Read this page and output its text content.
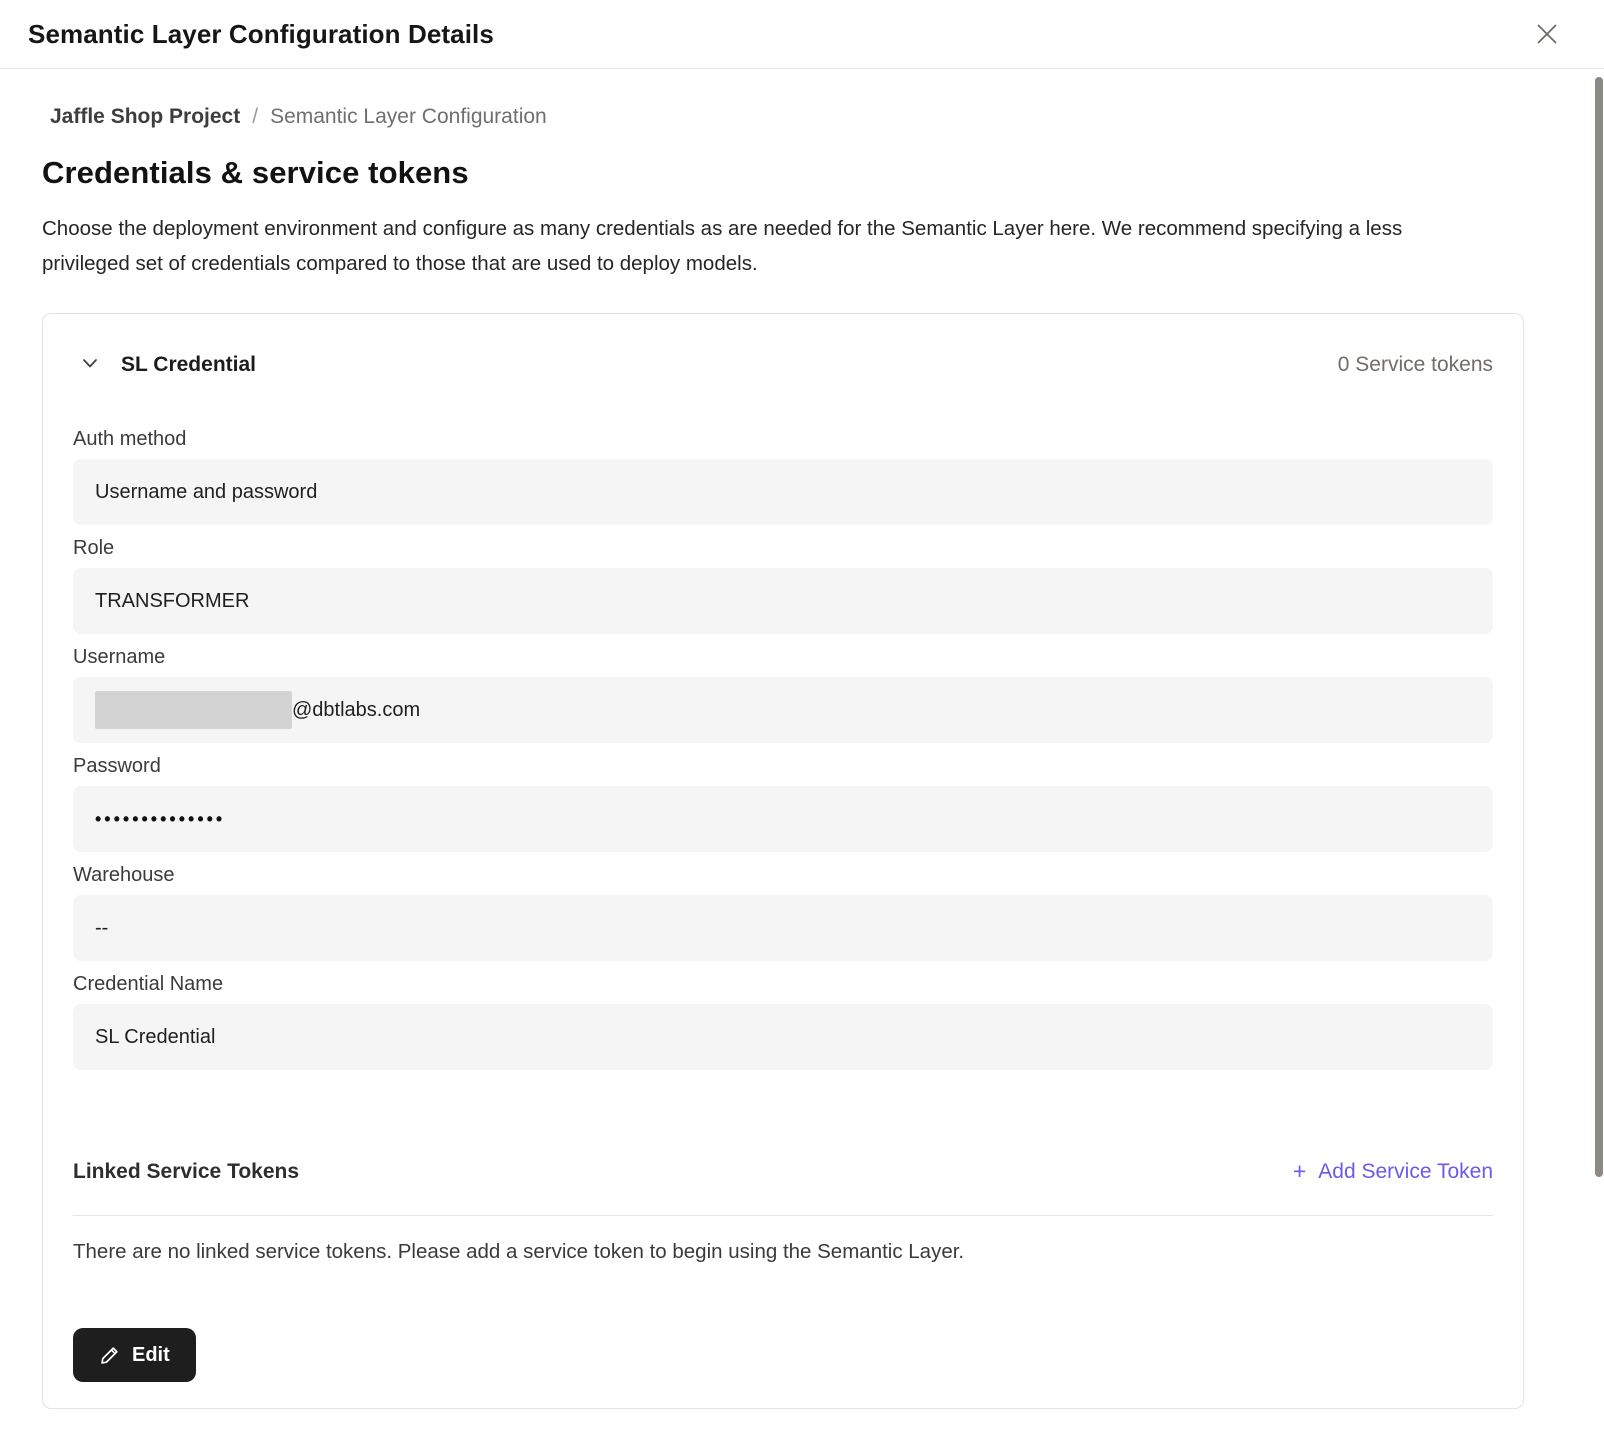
Semantic Layer Configuration Details
Jaffle Shop Project / Semantic Layer Configuration
Credentials & service tokens

Choose the deployment environment and configure as many credentials as are needed for the Semantic Layer here. We recommend specifying a less privileged set of credentials compared to those that are used to deploy models.

SL Credential	0 Service tokens
Auth method
Username and password
Role
TRANSFORMER
Username
@dbtlabs.com
Password
••••••••••••••
Warehouse
--
Credential Name
SL Credential
Linked Service Tokens	+ Add Service Token

There are no linked service tokens. Please add a service token to begin using the Semantic Layer.

Edit
